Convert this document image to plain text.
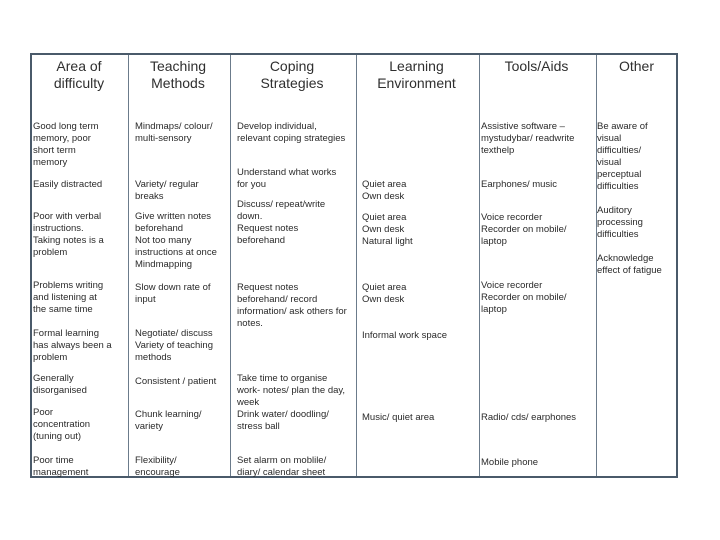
Area of
difficulty
Teaching
Methods
Coping
Strategies
Learning
Environment
Tools/Aids	Other
Good long term
memory, poor
short term
memory
Easily distracted
Poor with verbal
instructions.
Taking notes is a
problem
Problems writing
and listening at
the same time
Formal learning
has always been a
problem
Generally
disorganised
Poor
concentration
(tuning out)
Poor time
management
Mindmaps/ colour/
multi-sensory
Variety/ regular
breaks
Give written notes
beforehand
Not too many
instructions at once
Mindmapping
Slow down rate of
input
Negotiate/ discuss
Variety of teaching
methods
Consistent / patient
Chunk learning/
variety
Flexibility/
encourage
Develop individual,
relevant coping strategies
Understand what works
for you
Discuss/ repeat/write
down.
Request notes
beforehand
Request notes
beforehand/ record
information/ ask others for
notes.
Take time to organise
work- notes/ plan the day,
week
Drink water/ doodling/
stress ball
Set alarm on moblile/
diary/ calendar sheet
Quiet area
Own desk
Quiet area
Own desk
Natural light
Quiet area
Own desk
Informal work space
Music/ quiet area
Assistive software –
mystudybar/ readwrite
texthelp
Earphones/ music
Voice recorder
Recorder on mobile/
laptop
Voice recorder
Recorder on mobile/
laptop
Radio/ cds/ earphones
Mobile phone
Be aware of
visual
difficulties/
visual
perceptual
difficulties
Auditory
processing
difficulties
Acknowledge
effect of fatigue
